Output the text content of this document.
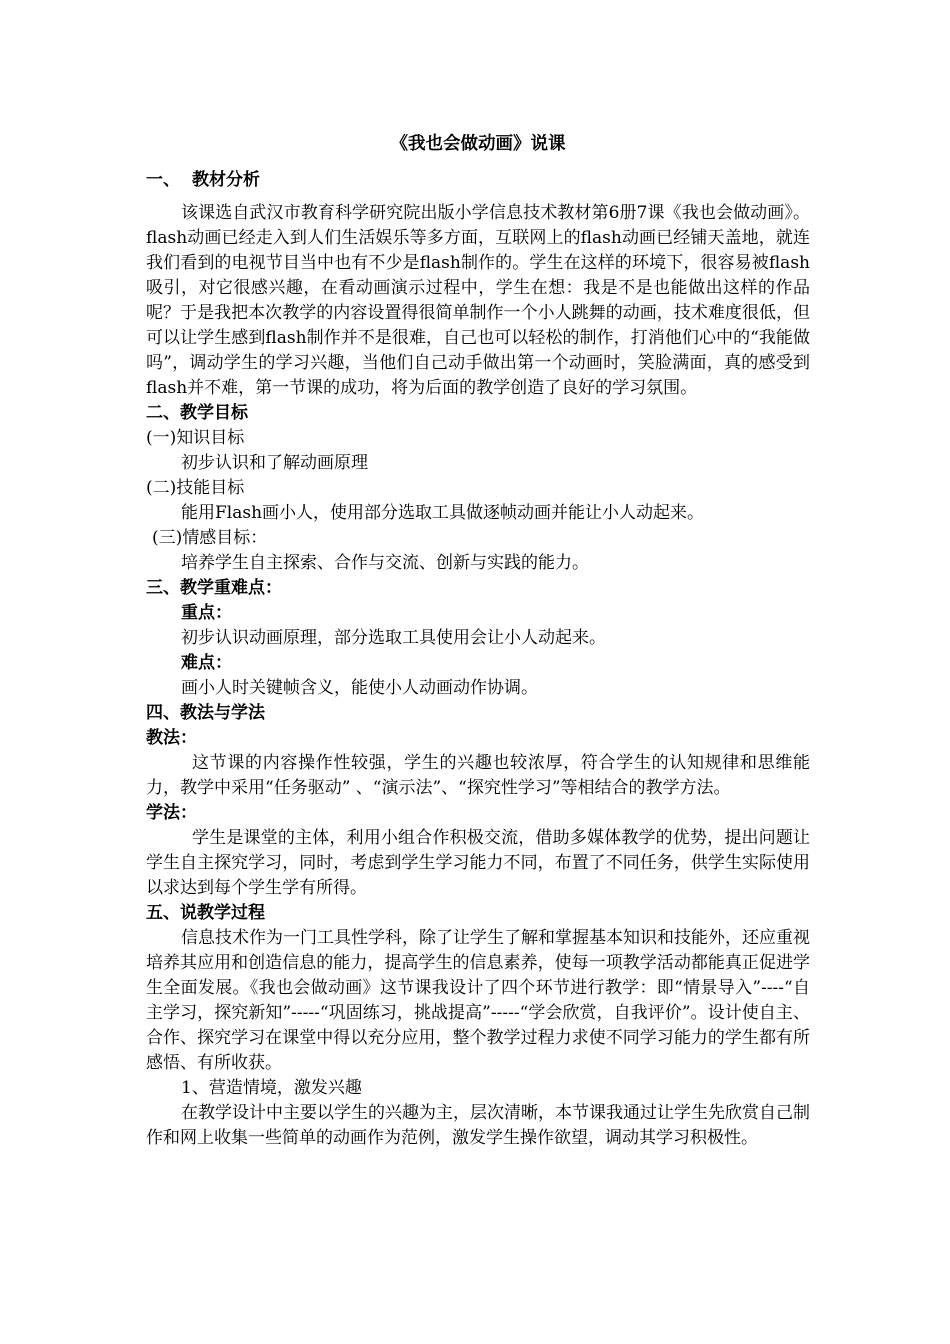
《我也会做动画》说课
一、 教材分析

该课选自武汉市教育科学研究院出版小学信息技术教材第6册7课《我也会做动画》。flash动画已经走入到人们生活娱乐等多方面，互联网上的flash动画已经铺天盖地，就连我们看到的电视节目当中也有不少是flash制作的。学生在这样的环境下，很容易被flash吸引，对它很感兴趣，在看动画演示过程中，学生在想：我是不是也能做出这样的作品呢？于是我把本次教学的内容设置得很简单制作一个小人跳舞的动画，技术难度很低，但可以让学生感到flash制作并不是很难，自己也可以轻松的制作，打消他们心中的“我能做吗”，调动学生的学习兴趣，当他们自己动手做出第一个动画时，笑脸满面，真的感受到flash并不难，第一节课的成功，将为后面的教学创造了良好的学习氛围。

二、教学目标

(一)知识目标

初步认识和了解动画原理

(二)技能目标

能用Flash画小人，使用部分选取工具做逐帧动画并能让小人动起来。

(三)情感目标：

培养学生自主探索、合作与交流、创新与实践的能力。

三、教学重难点：

重点：

初步认识动画原理，部分选取工具使用会让小人动起来。

难点：

画小人时关键帧含义，能使小人动画动作协调。

四、教法与学法

教法：

这节课的内容操作性较强，学生的兴趣也较浓厚，符合学生的认知规律和思维能力，教学中采用“任务驱动” 、“演示法”、“探究性学习”等相结合的教学方法。

学法：

学生是课堂的主体，利用小组合作积极交流，借助多媒体教学的优势，提出问题让学生自主探究学习，同时，考虑到学生学习能力不同，布置了不同任务，供学生实际使用以求达到每个学生学有所得。

五、说教学过程

信息技术作为一门工具性学科，除了让学生了解和掌握基本知识和技能外，还应重视培养其应用和创造信息的能力，提高学生的信息素养，使每一项教学活动都能真正促进学生全面发展。《我也会做动画》这节课我设计了四个环节进行教学：即“情景导入”----“自主学习，探究新知”-----“巩固练习，挑战提高”-----“学会欣赏，自我评价”。设计使自主、合作、探究学习在课堂中得以充分应用，整个教学过程力求使不同学习能力的学生都有所感悟、有所收获。

1、营造情境，激发兴趣

在教学设计中主要以学生的兴趣为主，层次清晰，本节课我通过让学生先欣赏自己制作和网上收集一些简单的动画作为范例，激发学生操作欲望，调动其学习积极性。
